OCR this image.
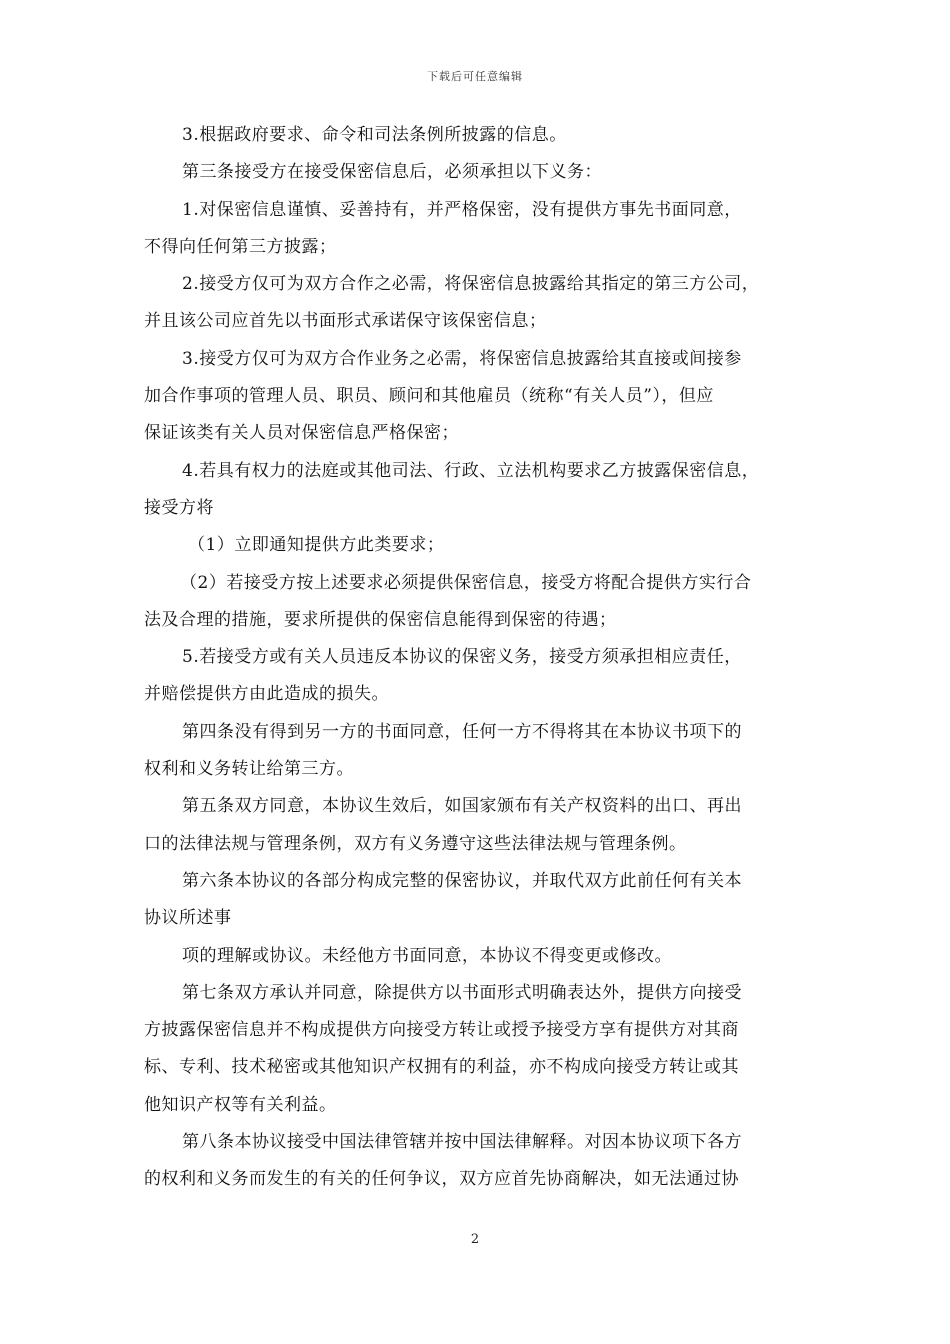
下载后可任意编辑
3.根据政府要求、命令和司法条例所披露的信息。
第三条接受方在接受保密信息后，必须承担以下义务：
1.对保密信息谨慎、妥善持有，并严格保密，没有提供方事先书面同意，
不得向任何第三方披露；
2.接受方仅可为双方合作之必需，将保密信息披露给其指定的第三方公司，
并且该公司应首先以书面形式承诺保守该保密信息；
3.接受方仅可为双方合作业务之必需，将保密信息披露给其直接或间接参
加合作事项的管理人员、职员、顾问和其他雇员（统称“有关人员”），但应
保证该类有关人员对保密信息严格保密；
4.若具有权力的法庭或其他司法、行政、立法机构要求乙方披露保密信息，
接受方将
（1）立即通知提供方此类要求；
（2）若接受方按上述要求必须提供保密信息，接受方将配合提供方实行合
法及合理的措施，要求所提供的保密信息能得到保密的待遇；
5.若接受方或有关人员违反本协议的保密义务，接受方须承担相应责任，
并赔偿提供方由此造成的损失。
第四条没有得到另一方的书面同意，任何一方不得将其在本协议书项下的
权利和义务转让给第三方。
第五条双方同意，本协议生效后，如国家颁布有关产权资料的出口、再出
口的法律法规与管理条例，双方有义务遵守这些法律法规与管理条例。
第六条本协议的各部分构成完整的保密协议，并取代双方此前任何有关本
协议所述事
项的理解或协议。未经他方书面同意，本协议不得变更或修改。
第七条双方承认并同意，除提供方以书面形式明确表达外，提供方向接受
方披露保密信息并不构成提供方向接受方转让或授予接受方享有提供方对其商
标、专利、技术秘密或其他知识产权拥有的利益，亦不构成向接受方转让或其
他知识产权等有关利益。
第八条本协议接受中国法律管辖并按中国法律解释。对因本协议项下各方
的权利和义务而发生的有关的任何争议，双方应首先协商解决，如无法通过协
2
